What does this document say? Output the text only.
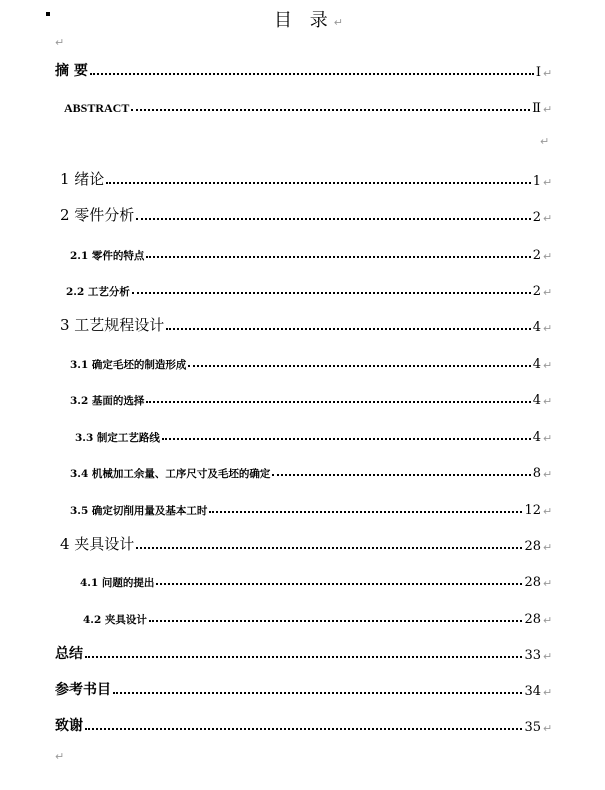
目 录↵
↵
↵
↵
摘 要	Ⅰ ↵
ABSTRACT	Ⅱ ↵
1 绪论	1 ↵
2 零件分析	2 ↵
2.1 零件的特点	2 ↵
2.2 工艺分析	2 ↵
3 工艺规程设计	4 ↵
3.1 确定毛坯的制造形成	4 ↵
3.2 基面的选择	4 ↵
3.3 制定工艺路线	4 ↵
3.4 机械加工余量、工序尺寸及毛坯的确定	8 ↵
3.5 确定切削用量及基本工时	12 ↵
4 夹具设计	28 ↵
4.1 问题的提出	28 ↵
4.2 夹具设计	28 ↵
总结	33 ↵
参考书目	34 ↵
致谢	35 ↵
